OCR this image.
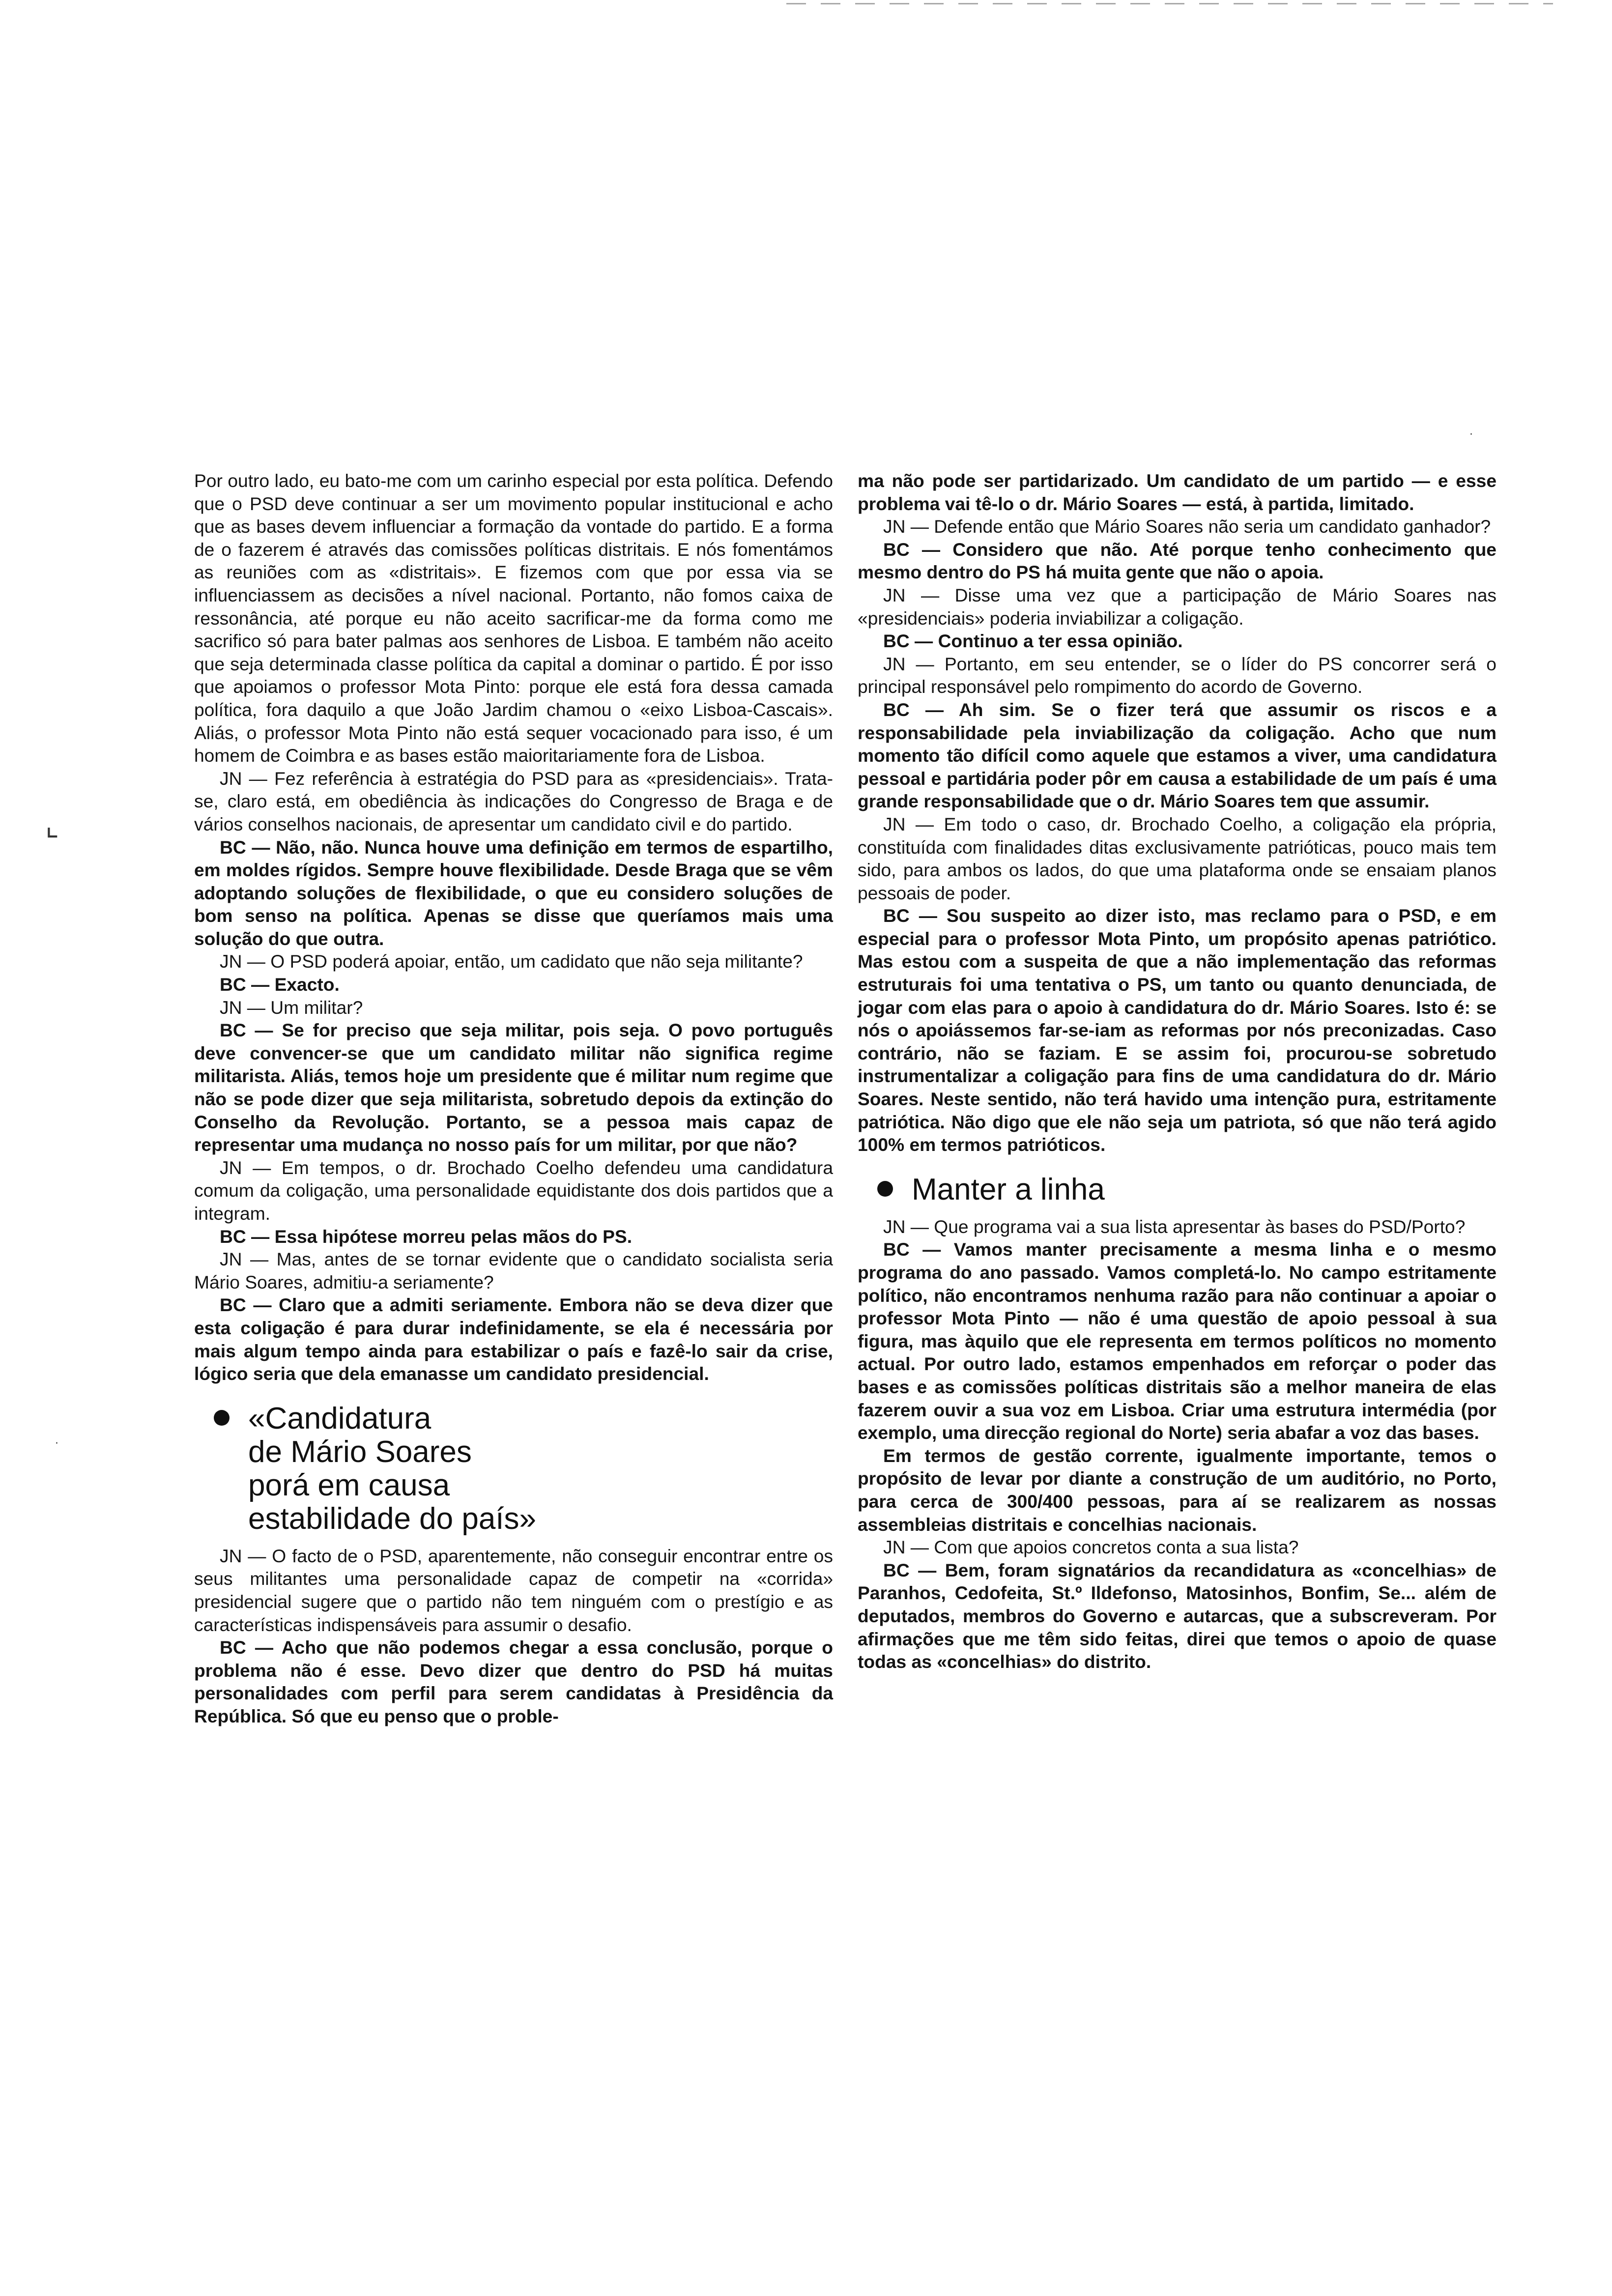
Por outro lado, eu bato-me com um carinho especial por esta política. Defendo que o PSD deve continuar a ser um movimento popular institucional e acho que as bases devem influenciar a formação da vontade do partido. E a forma de o fazerem é através das comissões políticas distritais. E nós fomentámos as reuniões com as «distritais». E fizemos com que por essa via se influenciassem as decisões a nível nacional. Portanto, não fomos caixa de ressonância, até porque eu não aceito sacrificar-me da forma como me sacrifico só para bater palmas aos senhores de Lisboa. E também não aceito que seja determinada classe política da capital a dominar o partido. É por isso que apoiamos o professor Mota Pinto: porque ele está fora dessa camada política, fora daquilo a que João Jardim chamou o «eixo Lisboa-Cascais». Aliás, o professor Mota Pinto não está sequer vocacionado para isso, é um homem de Coimbra e as bases estão maioritariamente fora de Lisboa.

JN — Fez referência à estratégia do PSD para as «presidenciais». Trata-se, claro está, em obediência às indicações do Congresso de Braga e de vários conselhos nacionais, de apresentar um candidato civil e do partido.

BC — Não, não. Nunca houve uma definição em termos de espartilho, em moldes rígidos. Sempre houve flexibilidade. Desde Braga que se vêm adoptando soluções de flexibilidade, o que eu considero soluções de bom senso na política. Apenas se disse que queríamos mais uma solução do que outra.

JN — O PSD poderá apoiar, então, um cadidato que não seja militante?

BC — Exacto.

JN — Um militar?

BC — Se for preciso que seja militar, pois seja. O povo português deve convencer-se que um candidato militar não significa regime militarista. Aliás, temos hoje um presidente que é militar num regime que não se pode dizer que seja militarista, sobretudo depois da extinção do Conselho da Revolução. Portanto, se a pessoa mais capaz de representar uma mudança no nosso país for um militar, por que não?

JN — Em tempos, o dr. Brochado Coelho defendeu uma candidatura comum da coligação, uma personalidade equidistante dos dois partidos que a integram.

BC — Essa hipótese morreu pelas mãos do PS.

JN — Mas, antes de se tornar evidente que o candidato socialista seria Mário Soares, admitiu-a seriamente?

BC — Claro que a admiti seriamente. Embora não se deva dizer que esta coligação é para durar indefinidamente, se ela é necessária por mais algum tempo ainda para estabilizar o país e fazê-lo sair da crise, lógico seria que dela emanasse um candidato presidencial.

«Candidatura
de Mário Soares
porá em causa
estabilidade do país»

JN — O facto de o PSD, aparentemente, não conseguir encontrar entre os seus militantes uma personalidade capaz de competir na «corrida» presidencial sugere que o partido não tem ninguém com o prestígio e as características indispensáveis para assumir o desafio.

BC — Acho que não podemos chegar a essa conclusão, porque o problema não é esse. Devo dizer que dentro do PSD há muitas personalidades com perfil para serem candidatas à Presidência da República. Só que eu penso que o proble-

ma não pode ser partidarizado. Um candidato de um partido — e esse problema vai tê-lo o dr. Mário Soares — está, à partida, limitado.

JN — Defende então que Mário Soares não seria um candidato ganhador?

BC — Considero que não. Até porque tenho conhecimento que mesmo dentro do PS há muita gente que não o apoia.

JN — Disse uma vez que a participação de Mário Soares nas «presidenciais» poderia inviabilizar a coligação.

BC — Continuo a ter essa opinião.

JN — Portanto, em seu entender, se o líder do PS concorrer será o principal responsável pelo rompimento do acordo de Governo.

BC — Ah sim. Se o fizer terá que assumir os riscos e a responsabilidade pela inviabilização da coligação. Acho que num momento tão difícil como aquele que estamos a viver, uma candidatura pessoal e partidária poder pôr em causa a estabilidade de um país é uma grande responsabilidade que o dr. Mário Soares tem que assumir.

JN — Em todo o caso, dr. Brochado Coelho, a coligação ela própria, constituída com finalidades ditas exclusivamente patrióticas, pouco mais tem sido, para ambos os lados, do que uma plataforma onde se ensaiam planos pessoais de poder.

BC — Sou suspeito ao dizer isto, mas reclamo para o PSD, e em especial para o professor Mota Pinto, um propósito apenas patriótico. Mas estou com a suspeita de que a não implementação das reformas estruturais foi uma tentativa o PS, um tanto ou quanto denunciada, de jogar com elas para o apoio à candidatura do dr. Mário Soares. Isto é: se nós o apoiássemos far-se-iam as reformas por nós preconizadas. Caso contrário, não se faziam. E se assim foi, procurou-se sobretudo instrumentalizar a coligação para fins de uma candidatura do dr. Mário Soares. Neste sentido, não terá havido uma intenção pura, estritamente patriótica. Não digo que ele não seja um patriota, só que não terá agido 100% em termos patrióticos.

Manter a linha

JN — Que programa vai a sua lista apresentar às bases do PSD/Porto?

BC — Vamos manter precisamente a mesma linha e o mesmo programa do ano passado. Vamos completá-lo. No campo estritamente político, não encontramos nenhuma razão para não continuar a apoiar o professor Mota Pinto — não é uma questão de apoio pessoal à sua figura, mas àquilo que ele representa em termos políticos no momento actual. Por outro lado, estamos empenhados em reforçar o poder das bases e as comissões políticas distritais são a melhor maneira de elas fazerem ouvir a sua voz em Lisboa. Criar uma estrutura intermédia (por exemplo, uma direcção regional do Norte) seria abafar a voz das bases.

Em termos de gestão corrente, igualmente importante, temos o propósito de levar por diante a construção de um auditório, no Porto, para cerca de 300/400 pessoas, para aí se realizarem as nossas assembleias distritais e concelhias nacionais.

JN — Com que apoios concretos conta a sua lista?

BC — Bem, foram signatários da recandidatura as «concelhias» de Paranhos, Cedofeita, St.º Ildefonso, Matosinhos, Bonfim, Se... além de deputados, membros do Governo e autarcas, que a subscreveram. Por afirmações que me têm sido feitas, direi que temos o apoio de quase todas as «concelhias» do distrito.

⌞
·
·
